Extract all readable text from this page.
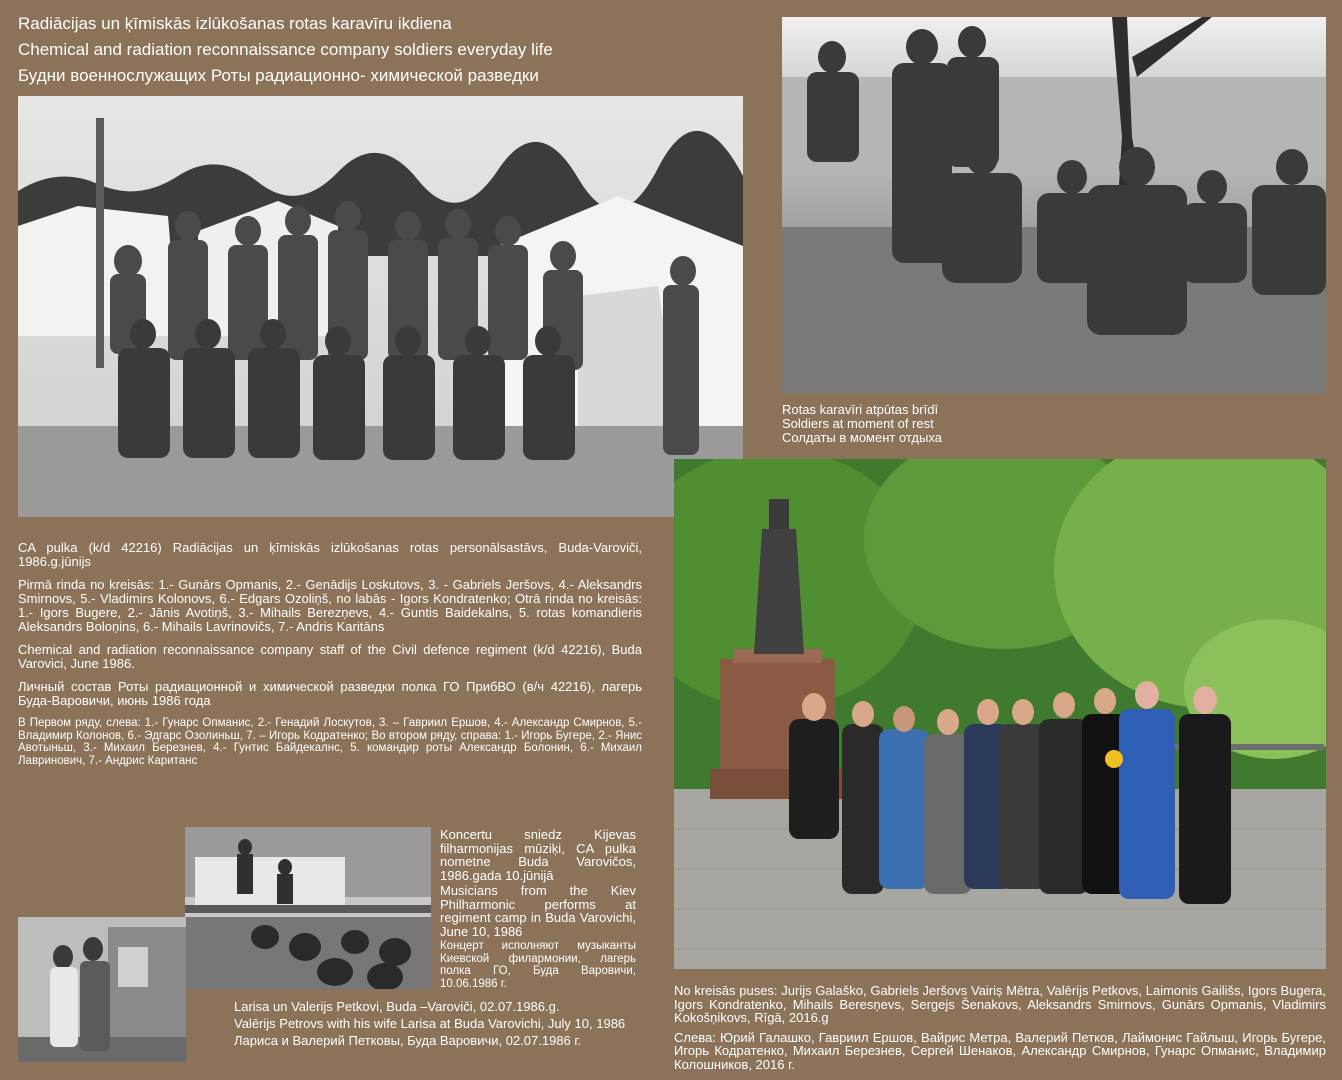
Radiācijas un ķīmiskās izlūkošanas rotas karavīru ikdiena
Chemical and radiation reconnaissance company soldiers everyday life
Будни военнослужащих Роты радиационно- химической разведки
Rotas karavīri atpūtas brīdī
Soldiers at moment of rest
Солдаты в момент отдыха

CA pulka (k/d 42216) Radiācijas un ķīmiskās izlūkošanas rotas personālsastāvs, Buda-Varoviči, 1986.g.jūnijs

Pirmā rinda no kreisās: 1.- Gunārs Opmanis, 2.- Genādijs Loskutovs, 3. - Gabriels Jeršovs, 4.- Aleksandrs Smirnovs, 5.- Vladimirs Kolonovs, 6.- Edgars Ozoliņš, no labās - Igors Kondratenko; Otrā rinda no kreisās: 1.- Igors Bugere, 2.- Jānis Avotiņš, 3.- Mihails Berezņevs, 4.- Guntis Baidekalns, 5. rotas komandieris Aleksandrs Boloņins, 6.- Mihails Lavrinovičs, 7.- Andris Karitāns

Chemical and radiation reconnaissance company staff of the Civil defence regiment (k/d 42216), Buda Varovici, June 1986.

Личный состав Роты радиационной и химической разведки полка ГО ПрибВО (в/ч 42216), лагерь Буда-Варовичи, июнь 1986 года

В Первом ряду, слева: 1.- Гунарс Опманис, 2.- Генадий Лоскутов, 3. – Гавриил Ершов, 4.- Александр Смирнов, 5.- Владимир Колонов, 6.- Эдгарс Озолиньш, 7. – Игорь Кодратенко; Во втором ряду, справа: 1.- Игорь Бугере, 2.- Янис Авотыньш, 3.- Михаил Березнев, 4.- Гунтис Байдекалнс, 5. командир роты Александр Болонин, 6.- Михаил Лавринович, 7.- Андрис Каританс

Koncertu sniedz Kijevas filharmonijas mūziķi, CA pulka nometne Buda Varovičos, 1986.gada 10.jūnijā
Musicians from the Kiev Philharmonic performs at regiment camp in Buda Varovichi, June 10, 1986
Концерт исполняют музыканты Киевской филармонии, лагерь полка ГО, Буда Варовичи, 10.06.1986 г.
Larisa un Valerijs Petkovi, Buda –Varoviči, 02.07.1986.g.
Valērijs Petrovs with his wife Larisa at Buda Varovichi, July 10, 1986
Лариса и Валерий Петковы, Буда Варовичи, 02.07.1986 г.
No kreisās puses: Jurijs Galaško, Gabriels Jeršovs Vairiș Mētra, Valērijs Petkovs, Laimonis Gailišs, Igors Bugera, Igors Kondratenko, Mihails Beresņevs, Sergejs Šenakovs, Aleksandrs Smirnovs, Gunārs Opmanis, Vladimirs Kokošņikovs, Rīgā, 2016.g
Слева: Юрий Галашко, Гавриил Ершов, Вайрис Метра, Валерий Петков, Лаймонис Гайлыш, Игорь Бугере, Игорь Кодратенко, Михаил Березнев, Сергей Шенаков, Александр Смирнов, Гунарс Опманис, Владимир Колошников, 2016 г.
